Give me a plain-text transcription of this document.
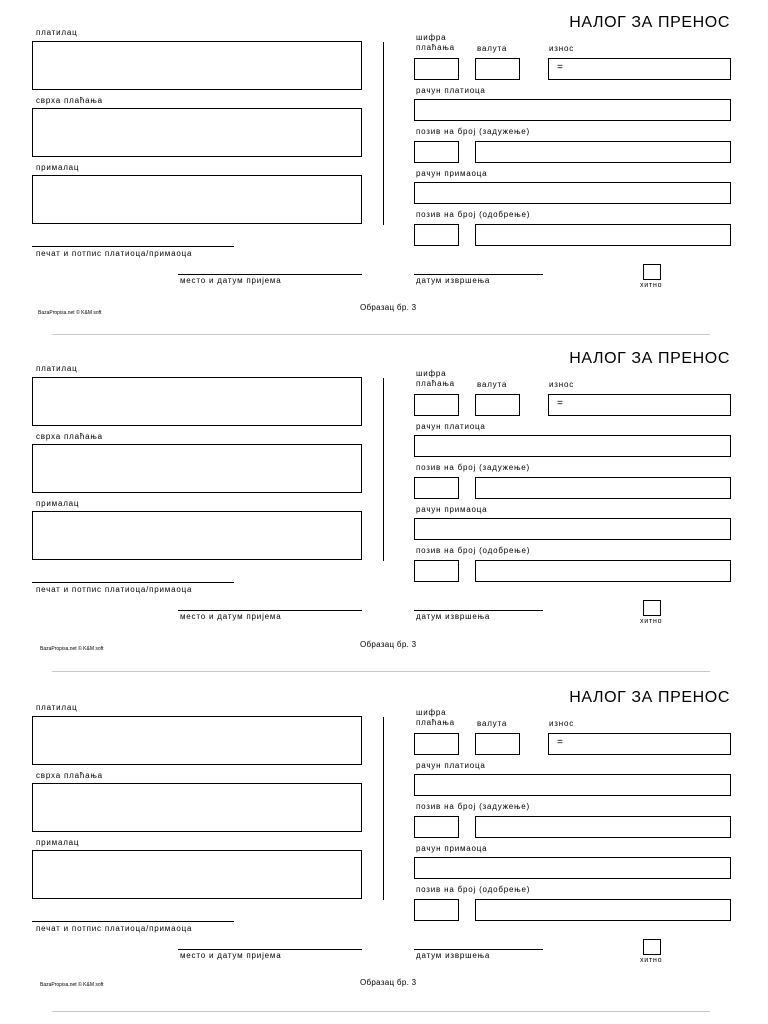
НАЛОГ ЗА ПРЕНОС
платилац
сврха плаћања
прималац
печат и потпис платиоца/примаоца
место и датум пријема
шифра
плаћања	валута	износ
=
рачун платиоца
позив на број (задужење)
рачун примаоца
позив на број (одобрење)
датум извршења
хитно
Образац бр. 3
BazaPropisa.net © K&M soft
НАЛОГ ЗА ПРЕНОС
платилац
сврха плаћања
прималац
печат и потпис платиоца/примаоца
место и датум пријема
шифра
плаћања	валута	износ
=
рачун платиоца
позив на број (задужење)
рачун примаоца
позив на број (одобрење)
датум извршења
хитно
Образац бр. 3
BazaPropisa.net © K&M soft
НАЛОГ ЗА ПРЕНОС
платилац
сврха плаћања
прималац
печат и потпис платиоца/примаоца
место и датум пријема
шифра
плаћања	валута	износ
=
рачун платиоца
позив на број (задужење)
рачун примаоца
позив на број (одобрење)
датум извршења
хитно
Образац бр. 3
BazaPropisa.net © K&M soft
